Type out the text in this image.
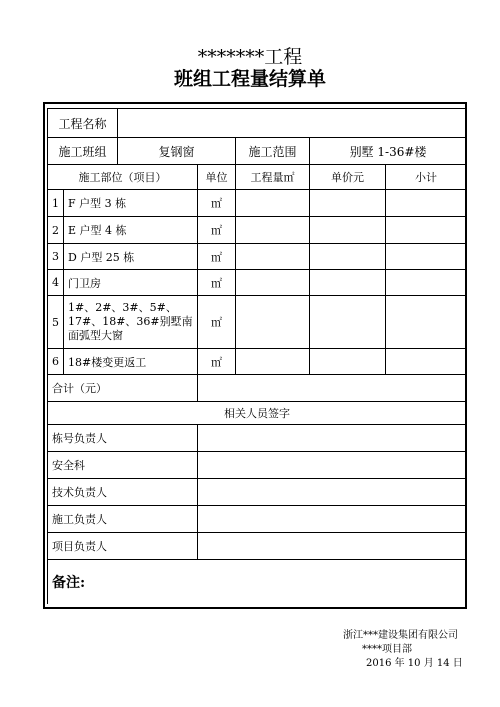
*******工程
班组工程量结算单
工程名称						
施工班组		复钢窗		施工范围	别墅 1-36#楼	
施工部位（项目）			单位	工程量㎡	单价元	小计
1	F 户型 3 栋		㎡			
2	E 户型 4 栋		㎡			
3	D 户型 25 栋		㎡			
4	门卫房		㎡			
5	1#、2#、3#、5#、17#、18#、36#别墅南面弧型大窗		㎡			
6	18#楼变更返工		㎡			
合计（元）						
相关人员签字						
栋号负责人						
安全科						
技术负责人						
施工负责人						
项目负责人						
备注:						
浙江***建设集团有限公司
****项目部
2016 年 10 月 14 日
